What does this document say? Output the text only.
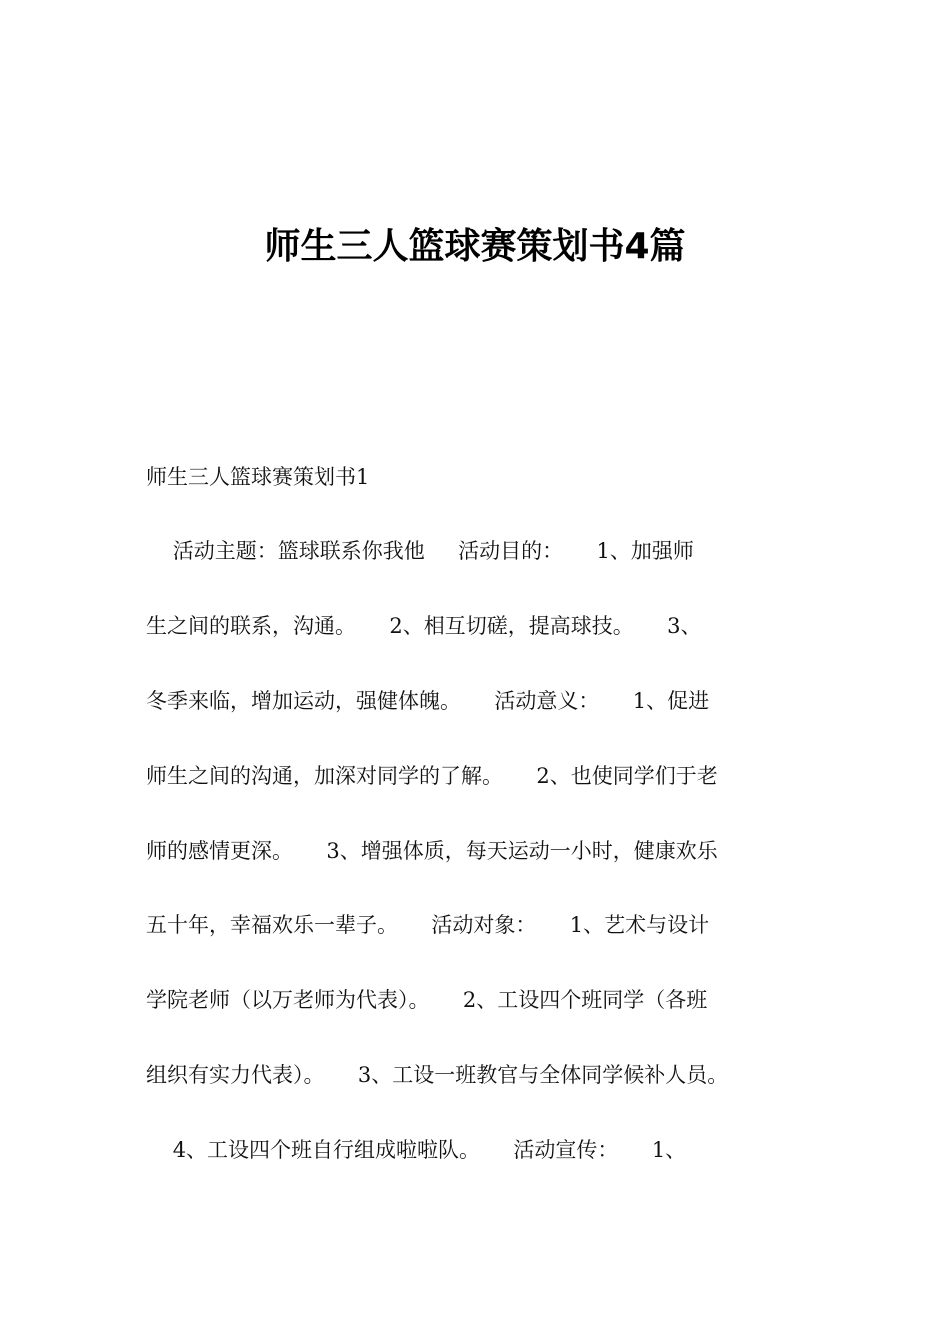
师生三人篮球赛策划书4篇
师生三人篮球赛策划书1
活动主题：篮球联系你我他     活动目的：     1、加强师
生之间的联系，沟通。     2、相互切磋，提高球技。     3、
冬季来临，增加运动，强健体魄。     活动意义：     1、促进
师生之间的沟通，加深对同学的了解。     2、也使同学们于老
师的感情更深。     3、增强体质，每天运动一小时，健康欢乐
五十年，幸福欢乐一辈子。     活动对象：     1、艺术与设计
学院老师（以万老师为代表）。     2、工设四个班同学（各班
组织有实力代表）。     3、工设一班教官与全体同学候补人员。
4、工设四个班自行组成啦啦队。     活动宣传：     1、
